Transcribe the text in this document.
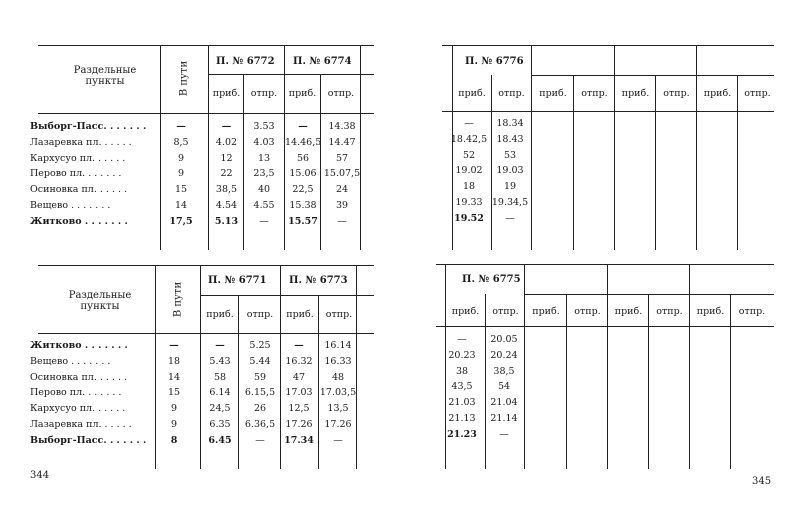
Раздельные
пункты	В пути	П. № 6772 П. № 6774
приб.	отпр.	приб.	отпр.
Выборг-Пасс. . . . . . .	—	—	3.53	—	14.38
Лазаревка пл. . . . . .	8,5	4.02	4.03	14.46,5 14.47
Кархусуо пл. . . . . .	9	12	13	56	57
Перово пл. . . . . . .	9	22	23,5	15.06 15.07,5
Осиновка пл. . . . . .	15	38,5	40	22,5	24
Вещево . . . . . . .	14	4.54	4.55	15.38	39
Житково . . . . . . .	17,5	5.13	—	15.57	—
Раздельные
пункты	В пути
П. № 6771 П. № 6773
приб.	отпр.	приб.	отпр.
Житково . . . . . . .	—	—	5.25	—	16.14
Вещево . . . . . . .	18	5.43	5.44	16.32	16.33
Осиновка пл. . . . . .	14	58	59	47	48
Перово пл. . . . . . .	15	6.14	6.15,5	17.03 17.03,5
Кархусуо пл. . . . . .	9	24,5	26	12,5	13,5
Лазаревка пл. . . . . .	9	6.35	6.36,5	17.26	17.26
Выборг-Пасс. . . . . . .	8	6.45	—	17.34	—
344
П. № 6776
приб.	отпр.	приб.	отпр.	приб.	отпр.	приб.	отпр.
—	18.34
18.42,5 18.43
52	53
19.02	19.03
18	19
19.33 19.34,5
19.52	—
П. № 6775
приб.	отпр.	приб.	отпр.	приб.	отпр.	приб.	отпр.
—	20.05
20.23	20.24
38	38,5
43,5	54
21.03	21.04
21.13	21.14
21.23	—
345
